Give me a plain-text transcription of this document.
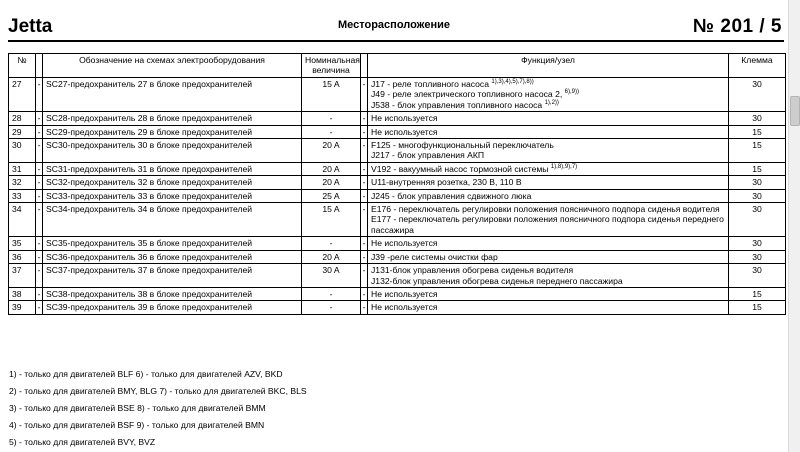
Jetta	Месторасположение	№ 201 / 5
№		Обозначение на схемах электрооборудования	Номинальная величина		Функция/узел	Клемма
27	-	SC27-предохранитель 27 в блоке предохранителей	15 A	-	J17 - реле топливного насоса $^{1),3),4),5),7),8))}$
J49 - реле электрического топливного насоса 2, $^{6),9))}$
J538 - блок управления топливного насоса $^{1),2))}$	30
28	-	SC28-предохранитель 28 в блоке предохранителей	-	-	Не используется	30
29	-	SC29-предохранитель 29 в блоке предохранителей	-	-	Не используется	15
30	-	SC30-предохранитель 30 в блоке предохранителей	20 A	-	F125 - многофункциональный переключатель
J217 - блок управления АКП	15
31	-	SC31-предохранитель 31 в блоке предохранителей	20 A	-	V192 - вакуумный насос тормозной системы $^{1),8),9),7)}$	15
32	-	SC32-предохранитель 32 в блоке предохранителей	20 A	-	U11-внутренняя розетка, 230 В, 110 В	30
33	-	SC33-предохранитель 33 в блоке предохранителей	25 A	-	J245 - блок управления сдвижного люка	30
34	-	SC34-предохранитель 34 в блоке предохранителей	15 A	-	E176 - переключатель регулировки положения поясничного подпора сиденья водителя
E177 - переключатель регулировки положения поясничного подпора сиденья переднего пассажира	30
35	-	SC35-предохранитель 35 в блоке предохранителей	-	-	Не используется	30
36	-	SC36-предохранитель 36 в блоке предохранителей	20 A	-	J39 -реле системы очистки фар	30
37	-	SC37-предохранитель 37 в блоке предохранителей	30 A	-	J131-блок управления обогрева сиденья водителя
J132-блок управления обогрева сиденья переднего пассажира	30
38	-	SC38-предохранитель 38 в блоке предохранителей	-	-	Не используется	15
39	-	SC39-предохранитель 39 в блоке предохранителей	-	-	Не используется	15
1) - только для двигателей BLF 6) - только для двигателей AZV, BKD
2) - только для двигателей BMY, BLG 7) - только для двигателей BKC, BLS
3) - только для двигателей BSE 8) - только для двигателей BMM
4) - только для двигателей BSF 9) - только для двигателей BMN
5) - только для двигателей BVY, BVZ
